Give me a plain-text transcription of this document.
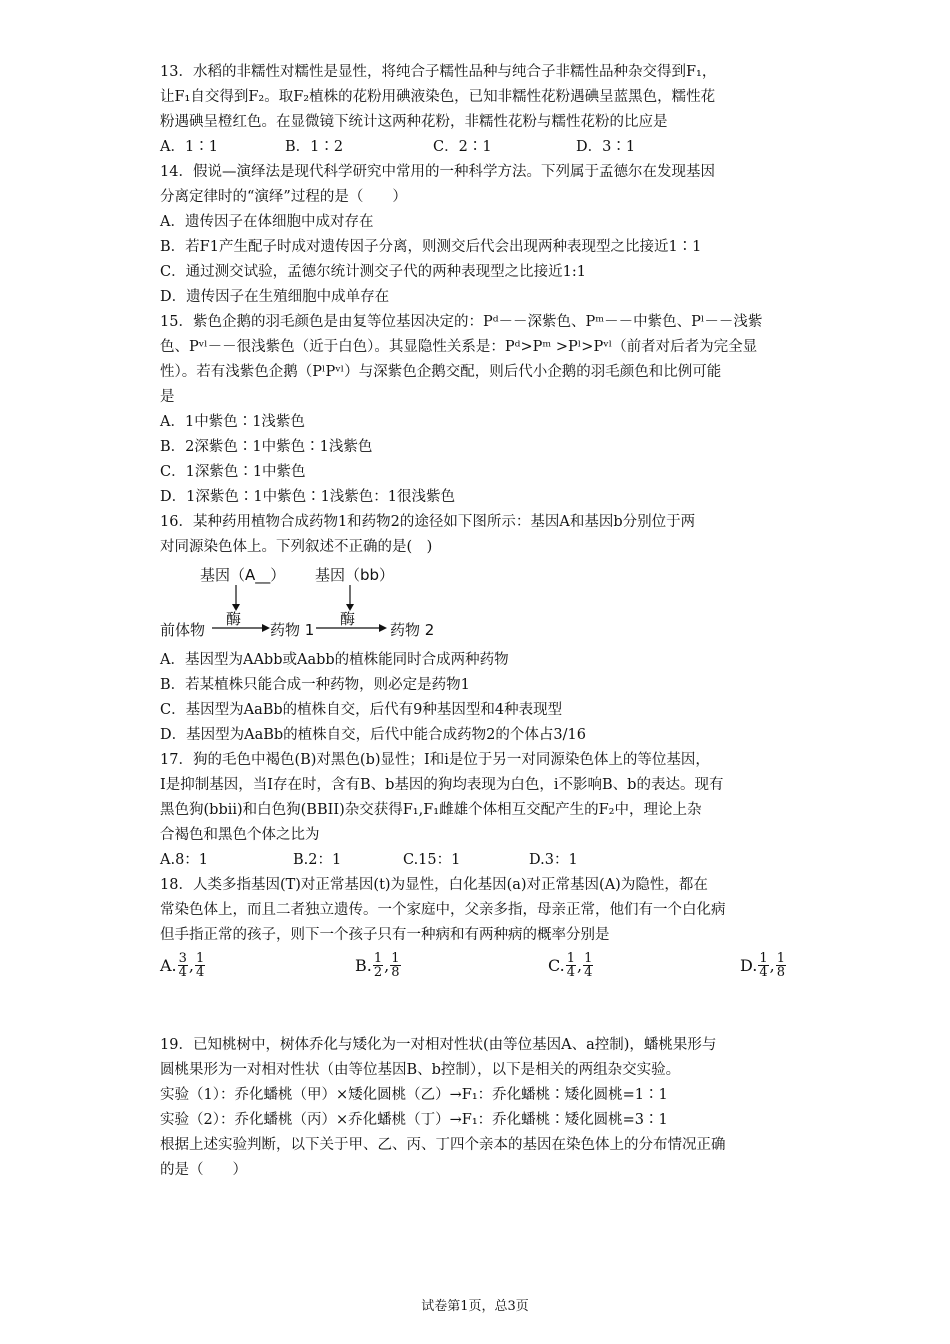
13．水稻的非糯性对糯性是显性，将纯合子糯性品种与纯合子非糯性品种杂交得到F₁，
让F₁自交得到F₂。取F₂植株的花粉用碘液染色，已知非糯性花粉遇碘呈蓝黑色，糯性花
粉遇碘呈橙红色。在显微镜下统计这两种花粉，非糯性花粉与糯性花粉的比应是
A．1∶1	B．1∶2	C．2∶1	D．3∶1
14．假说—演绎法是现代科学研究中常用的一种科学方法。下列属于孟德尔在发现基因
分离定律时的“演绎”过程的是（　　）
A．遗传因子在体细胞中成对存在
B．若F1产生配子时成对遗传因子分离，则测交后代会出现两种表现型之比接近1∶1
C．通过测交试验，孟德尔统计测交子代的两种表现型之比接近1:1
D．遗传因子在生殖细胞中成单存在
15．紫色企鹅的羽毛颜色是由复等位基因决定的：Pᵈ－－深紫色、Pᵐ－－中紫色、Pˡ－－浅紫
色、Pᵛˡ－－很浅紫色（近于白色）。其显隐性关系是：Pᵈ>Pᵐ >Pˡ>Pᵛˡ（前者对后者为完全显
性）。若有浅紫色企鹅（PˡPᵛˡ）与深紫色企鹅交配，则后代小企鹅的羽毛颜色和比例可能
是
A．1中紫色∶1浅紫色
B．2深紫色∶1中紫色∶1浅紫色
C．1深紫色∶1中紫色
D．1深紫色∶1中紫色∶1浅紫色：1很浅紫色
16．某种药用植物合成药物1和药物2的途径如下图所示：基因A和基因b分别位于两
对同源染色体上。下列叙述不正确的是(　)
基因（A__） 基因（bb）
酶	酶
前体物	药物 1	药物 2
A．基因型为AAbb或Aabb的植株能同时合成两种药物
B．若某植株只能合成一种药物，则必定是药物1
C．基因型为AaBb的植株自交，后代有9种基因型和4种表现型
D．基因型为AaBb的植株自交，后代中能合成药物2的个体占3/16
17．狗的毛色中褐色(B)对黑色(b)显性；I和i是位于另一对同源染色体上的等位基因，
I是抑制基因，当I存在时，含有B、b基因的狗均表现为白色，i不影响B、b的表达。现有
黑色狗(bbii)和白色狗(BBII)杂交获得F₁,F₁雌雄个体相互交配产生的F₂中，理论上杂
合褐色和黑色个体之比为
A.8：1	B.2：1	C.15：1	D.3：1
18．人类多指基因(T)对正常基因(t)为显性，白化基因(a)对正常基因(A)为隐性，都在
常染色体上，而且二者独立遗传。一个家庭中，父亲多指，母亲正常，他们有一个白化病
但手指正常的孩子，则下一个孩子只有一种病和有两种病的概率分别是
A. $\frac{3}{4}$ , $\frac{1}{4}$	B. $\frac{1}{2}$ , $\frac{1}{8}$	C. $\frac{1}{4}$ , $\frac{1}{4}$	D. $\frac{1}{4}$ , $\frac{1}{8}$
19．已知桃树中，树体乔化与矮化为一对相对性状(由等位基因A、a控制)，蟠桃果形与
圆桃果形为一对相对性状（由等位基因B、b控制），以下是相关的两组杂交实验。
实验（1）：乔化蟠桃（甲）×矮化圆桃（乙）→F₁：乔化蟠桃∶矮化圆桃=1∶1
实验（2）：乔化蟠桃（丙）×乔化蟠桃（丁）→F₁：乔化蟠桃∶矮化圆桃=3∶1
根据上述实验判断，以下关于甲、乙、丙、丁四个亲本的基因在染色体上的分布情况正确
的是（　　）
试卷第1页，总3页
